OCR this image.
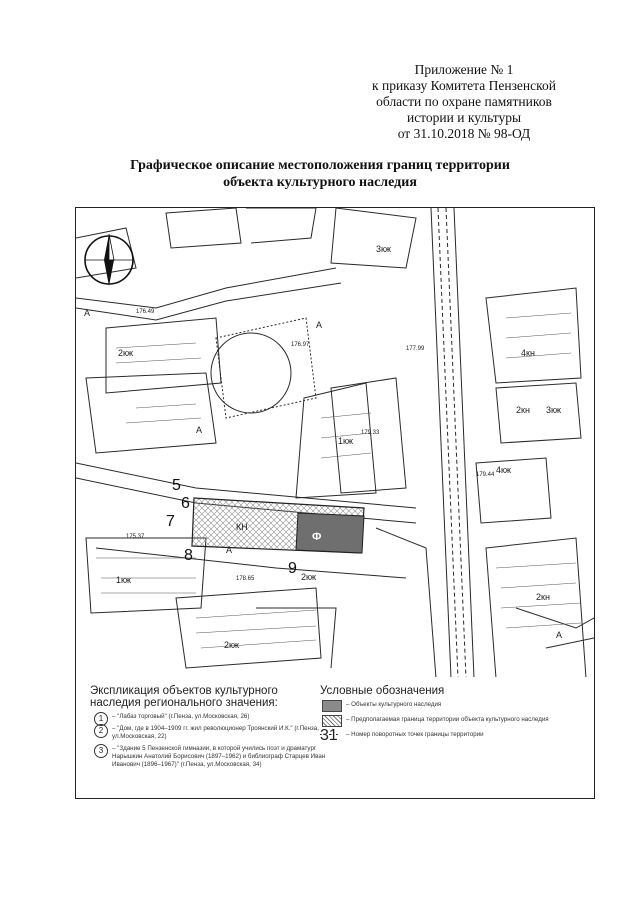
Приложение № 1
к приказу Комитета Пензенской
области по охране памятников
истории и культуры
от 31.10.2018 № 98-ОД
Графическое описание местоположения границ территории
объекта культурного наследия
5
6
7
8
9
2кж
КН
1кж
3кж
4кн
2кн 3кж
4кж
2кж
2кж
1кж
2кн
А
А
А
А
А
176.49
176.97
179.33
177.99
179.44
178.65
175.37	Ф
Экспликация объектов культурного наследия регионального значения:
1	– "Лабаз торговый" (г.Пенза, ул.Московская, 26)
2	– "Дом, где в 1904–1909 гг. жил революционер Троянский И.К." (г.Пенза, ул.Московская, 22)
3	– "Здание 5 Пензенской гимназии, в которой учились поэт и драматург Нарышкин Анатолий Борисович (1897–1962) и библиограф Старцев Иван Иванович (1896–1967)" (г.Пенза, ул.Московская, 34)
Условные обозначения
– Объекты культурного наследия
– Предполагаемая граница территории объекта культурного наследия
31 – Номер поворотных точек границы территории
